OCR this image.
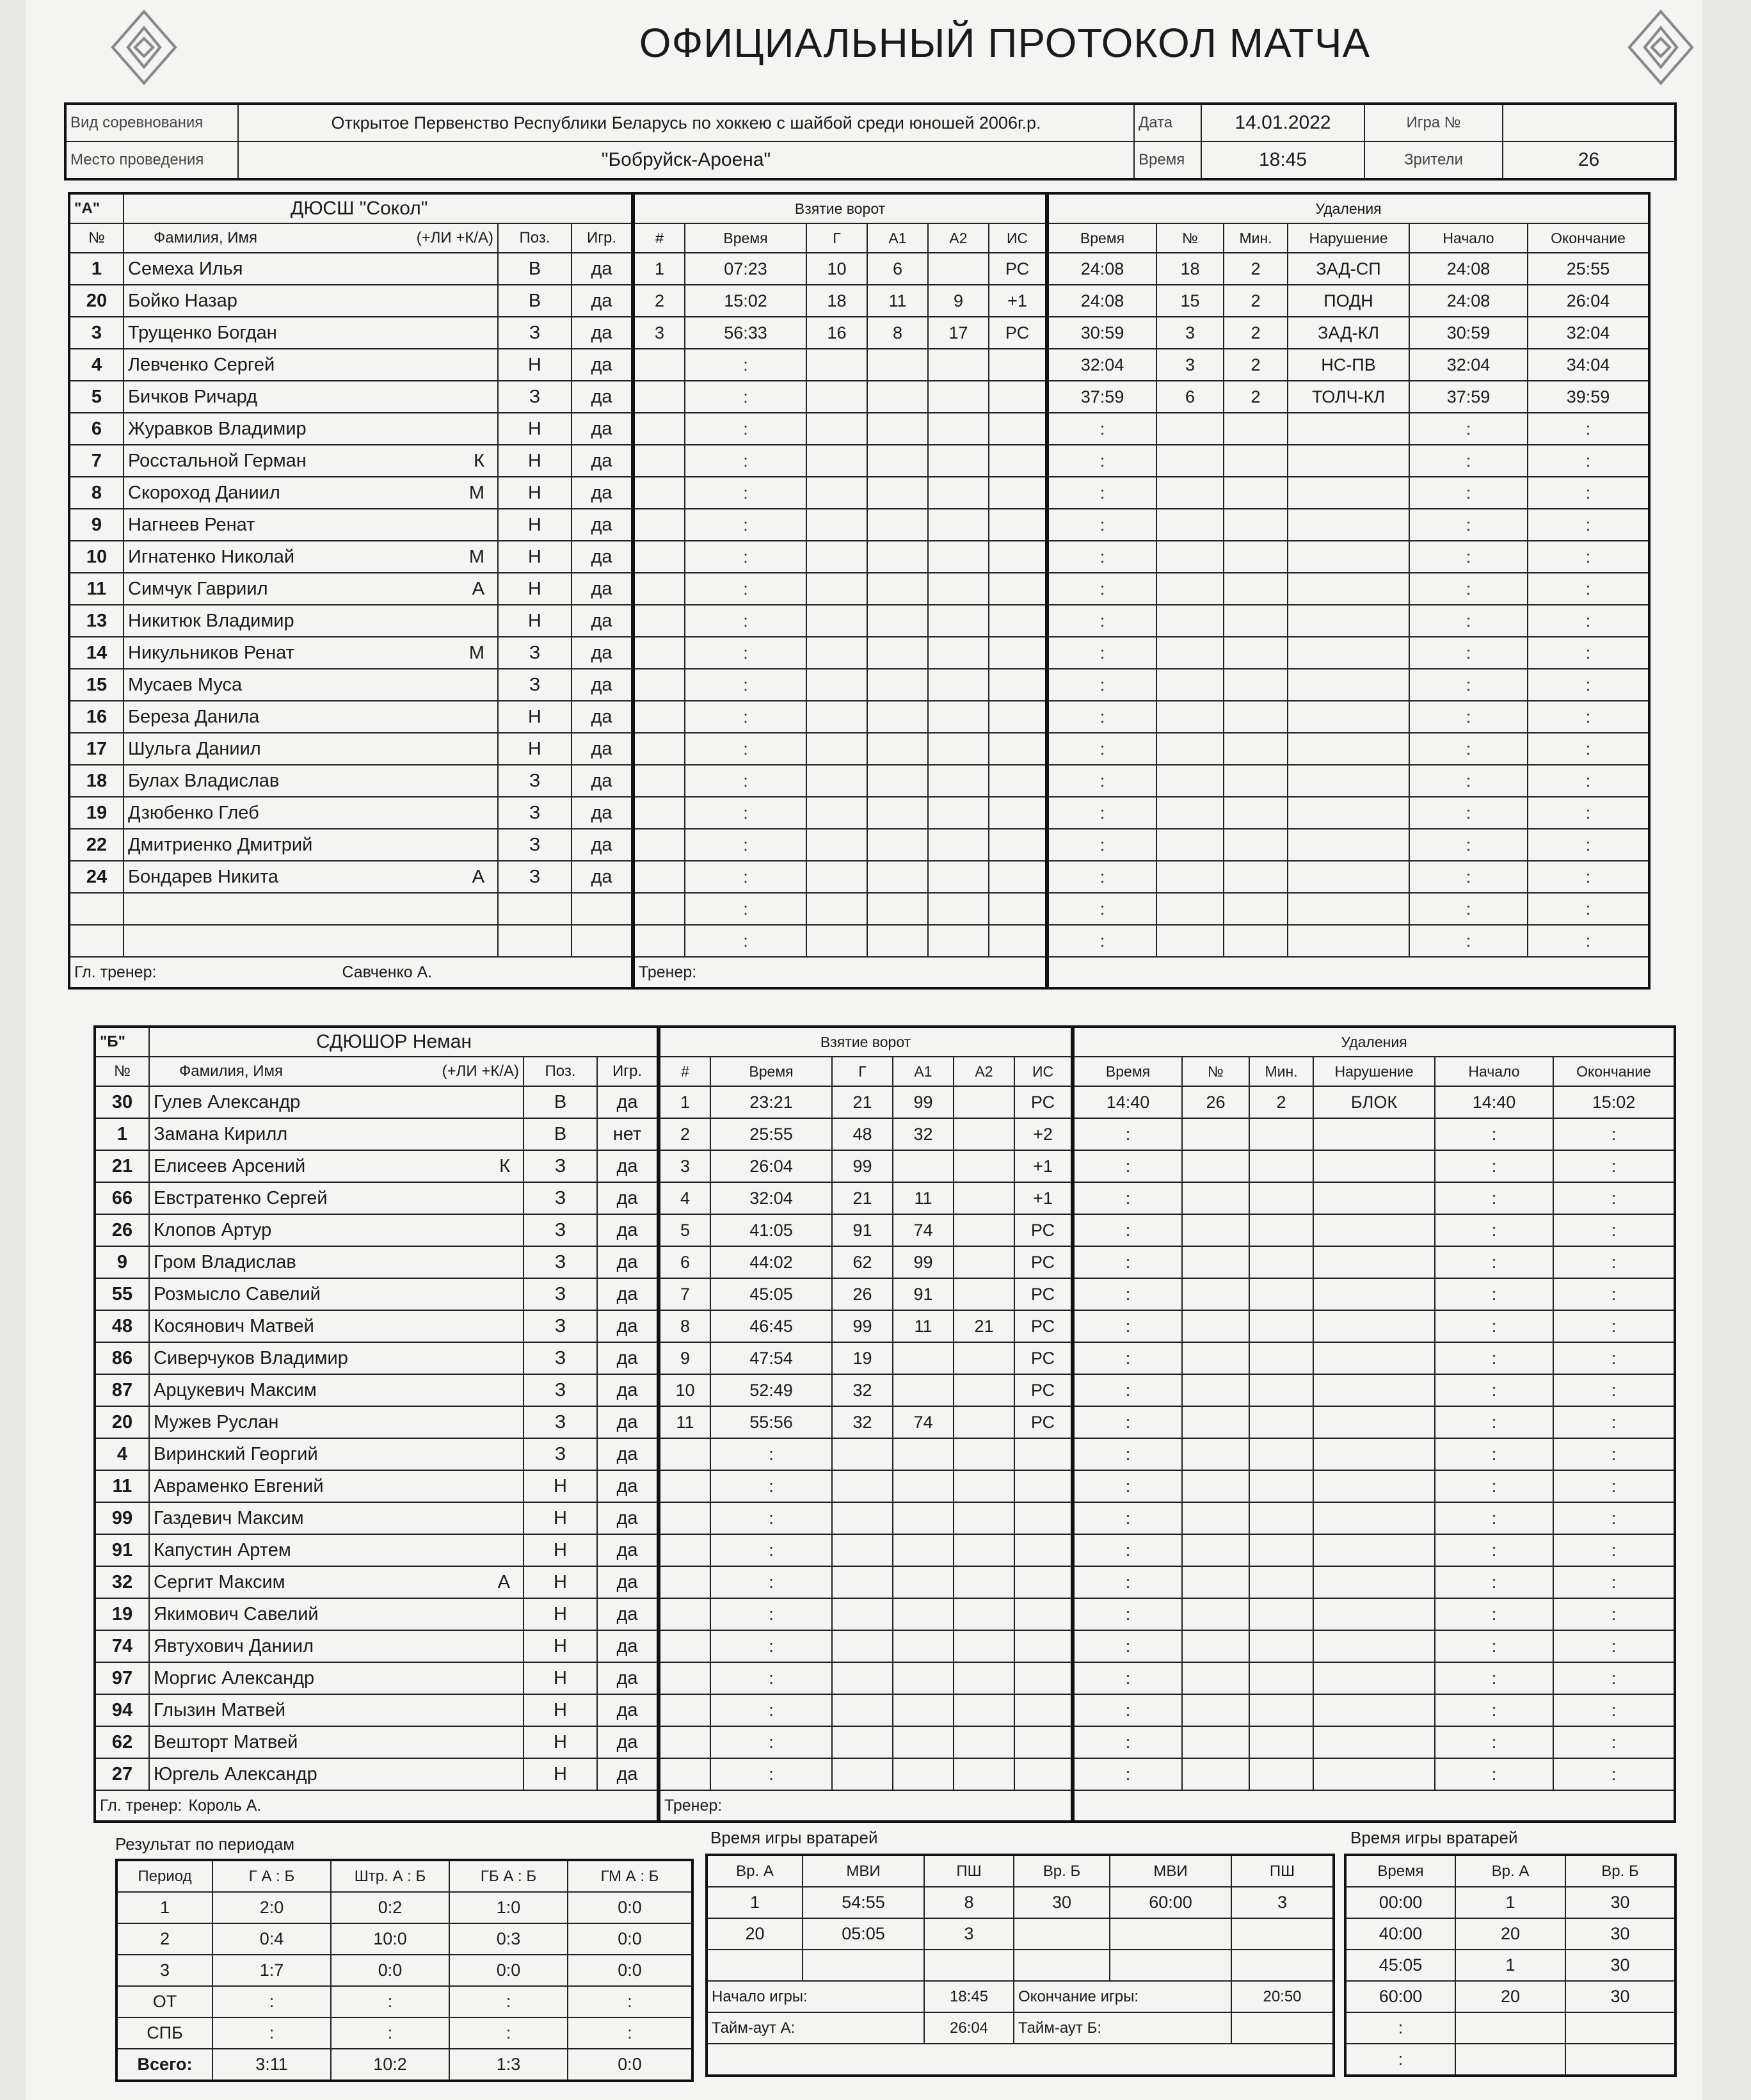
ОФИЦИАЛЬНЫЙ ПРОТОКОЛ МАТЧА
Вид соревнования	Открытое Первенство Республики Беларусь по хоккею с шайбой среди юношей 2006г.р.	Дата	14.01.2022	Игра №	
Место проведения	"Бобруйск-Ароена"	Время	18:45	Зрители	26
"А"	ДЮСШ "Сокол"		
№	Фамилия, Имя (+ЛИ +К/А)	Поз.	Игр.
1	Семеха Илья	В	да
20	Бойко Назар	В	да
3	Трущенко Богдан	З	да
4	Левченко Сергей	Н	да
5	Бичков Ричард	З	да
6	Журавков Владимир	Н	да
7	Росстальной Герман К	Н	да
8	Скороход Даниил М	Н	да
9	Нагнеев Ренат	Н	да
10	Игнатенко Николай М	Н	да
11	Симчук Гавриил А	Н	да
13	Никитюк Владимир	Н	да
14	Никульников Ренат М	З	да
15	Мусаев Муса	З	да
16	Береза Данила	Н	да
17	Шульга Даниил	Н	да
18	Булах Владислав	З	да
19	Дзюбенко Глеб	З	да
22	Дмитриенко Дмитрий	З	да
24	Бондарев Никита А	З	да

Гл. тренер: Савченко А.			
Взятие ворот					
#	Время	Г	А1	А2	ИС
1	07:23	10	6		РС
2	15:02	18	11	9	+1
3	56:33	16	8	17	РС
	:				
	:				
	:				
	:				
	:				
	:				
	:				
	:				
	:				
	:				
	:				
	:				
	:				
	:				
	:				
	:				
	:				
	:				
	:				
Тренер:					
Удаления					
Время	№	Мин.	Нарушение	Начало	Окончание
24:08	18	2	ЗАД-СП	24:08	25:55
24:08	15	2	ПОДН	24:08	26:04
30:59	3	2	ЗАД-КЛ	30:59	32:04
32:04	3	2	НС-ПВ	32:04	34:04
37:59	6	2	ТОЛЧ-КЛ	37:59	39:59
:				:	:
:				:	:
:				:	:
:				:	:
:				:	:
:				:	:
:				:	:
:				:	:
:				:	:
:				:	:
:				:	:
:				:	:
:				:	:
:				:	:
:				:	:
:				:	:
:				:	:

"Б"	СДЮШОР Неман		
№	Фамилия, Имя (+ЛИ +К/А)	Поз.	Игр.
30	Гулев Александр	В	да
1	Замана Кирилл	В	нет
21	Елисеев Арсений К	З	да
66	Евстратенко Сергей	З	да
26	Клопов Артур	З	да
9	Гром Владислав	З	да
55	Розмысло Савелий	З	да
48	Косянович Матвей	З	да
86	Сиверчуков Владимир	З	да
87	Арцукевич Максим	З	да
20	Мужев Руслан	З	да
4	Виринский Георгий	З	да
11	Авраменко Евгений	Н	да
99	Газдевич Максим	Н	да
91	Капустин Артем	Н	да
32	Сергит Максим А	Н	да
19	Якимович Савелий	Н	да
74	Явтухович Даниил	Н	да
97	Моргис Александр	Н	да
94	Глызин Матвей	Н	да
62	Вешторт Матвей	Н	да
27	Юргель Александр	Н	да
Гл. тренер: Король А.			
Взятие ворот					
#	Время	Г	А1	А2	ИС
1	23:21	21	99		РС
2	25:55	48	32		+2
3	26:04	99			+1
4	32:04	21	11		+1
5	41:05	91	74		РС
6	44:02	62	99		РС
7	45:05	26	91		РС
8	46:45	99	11	21	РС
9	47:54	19			РС
10	52:49	32			РС
11	55:56	32	74		РС
	:				
	:				
	:				
	:				
	:				
	:				
	:				
	:				
	:				
	:				
	:				
Тренер:					
Удаления					
Время	№	Мин.	Нарушение	Начало	Окончание
14:40	26	2	БЛОК	14:40	15:02
:				:	:
:				:	:
:				:	:
:				:	:
:				:	:
:				:	:
:				:	:
:				:	:
:				:	:
:				:	:
:				:	:
:				:	:
:				:	:
:				:	:
:				:	:
:				:	:
:				:	:
:				:	:
:				:	:
:				:	:
:				:	:

Результат по периодам
Период	Г А : Б	Штр. А : Б	ГБ А : Б	ГМ А : Б
1	2:0	0:2	1:0	0:0
2	0:4	10:0	0:3	0:0
3	1:7	0:0	0:0	0:0
ОТ	:	:	:	:
СПБ	:	:	:	:
Всего:	3:11	10:2	1:3	0:0
Время игры вратарей
Вр. А	МВИ	ПШ	Вр. Б	МВИ	ПШ
1	54:55	8	30	60:00	3
20	05:05	3			

Начало игры:		18:45	Окончание игры:		20:50
Тайм-аут А:		26:04	Тайм-аут Б:		

Время игры вратарей
Время	Вр. А	Вр. Б
00:00	1	30
40:00	20	30
45:05	1	30
60:00	20	30
:		
:		
